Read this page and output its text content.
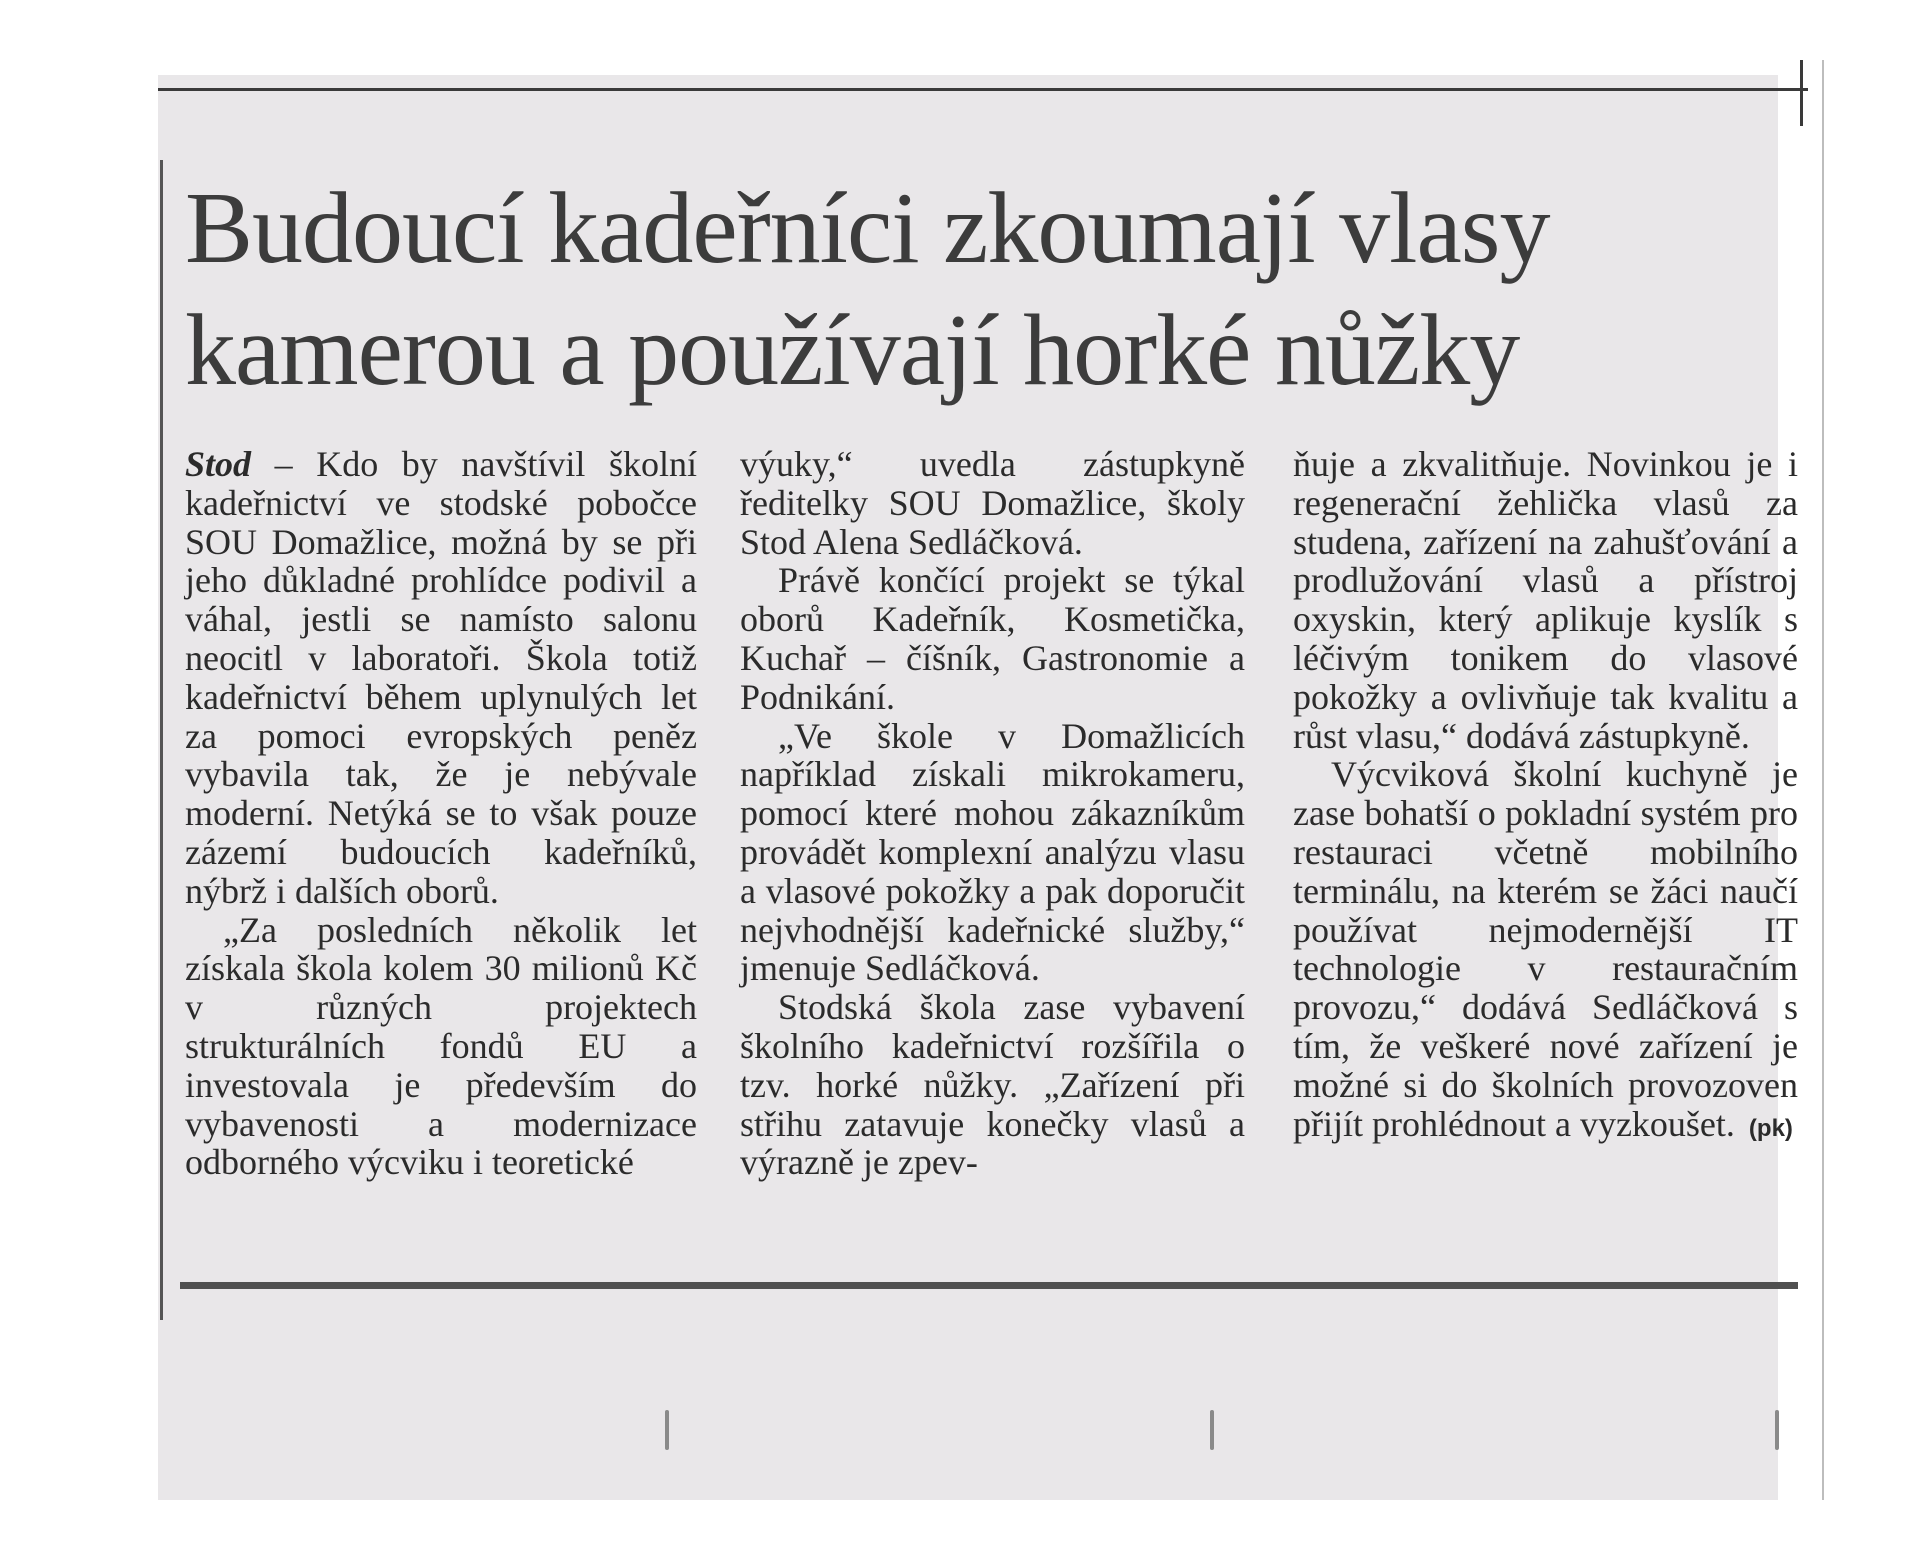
Budoucí kadeřníci zkoumají vlasy kamerou a používají horké nůžky

Stod – Kdo by navštívil školní kadeřnictví ve stodské pobočce SOU Domažlice, možná by se při jeho důkladné prohlídce podivil a váhal, jestli se namísto salonu neocitl v laboratoři. Škola totiž kadeřnictví během uplynulých let za pomoci evropských peněz vybavila tak, že je nebývale moderní. Netýká se to však pouze zázemí budoucích kadeřníků, nýbrž i dalších oborů.

„Za posledních několik let získala škola kolem 30 milionů Kč v různých projektech strukturálních fondů EU a investovala je především do vybavenosti a modernizace odborného výcviku i teoretické

výuky,“ uvedla zástupkyně ředitelky SOU Domažlice, školy Stod Alena Sedláčková.

Právě končící projekt se týkal oborů Kadeřník, Kosmetička, Kuchař – číšník, Gastronomie a Podnikání.

„Ve škole v Domažlicích například získali mikrokameru, pomocí které mohou zákazníkům provádět komplexní analýzu vlasu a vlasové pokožky a pak doporučit nejvhodnější kadeřnické služby,“ jmenuje Sedláčková.

Stodská škola zase vybavení školního kadeřnictví rozšířila o tzv. horké nůžky. „Zařízení při střihu zatavuje konečky vlasů a výrazně je zpev-

ňuje a zkvalitňuje. Novinkou je i regenerační žehlička vlasů za studena, zařízení na zahušťování a prodlužování vlasů a přístroj oxyskin, který aplikuje kyslík s léčivým tonikem do vlasové pokožky a ovlivňuje tak kvalitu a růst vlasu,“ dodává zástupkyně.

Výcviková školní kuchyně je zase bohatší o pokladní systém pro restauraci včetně mobilního terminálu, na kterém se žáci naučí používat nejmodernější IT technologie v restauračním provozu,“ dodává Sedláčková s tím, že veškeré nové zařízení je možné si do školních provozoven přijít prohlédnout a vyzkoušet. (pk)
